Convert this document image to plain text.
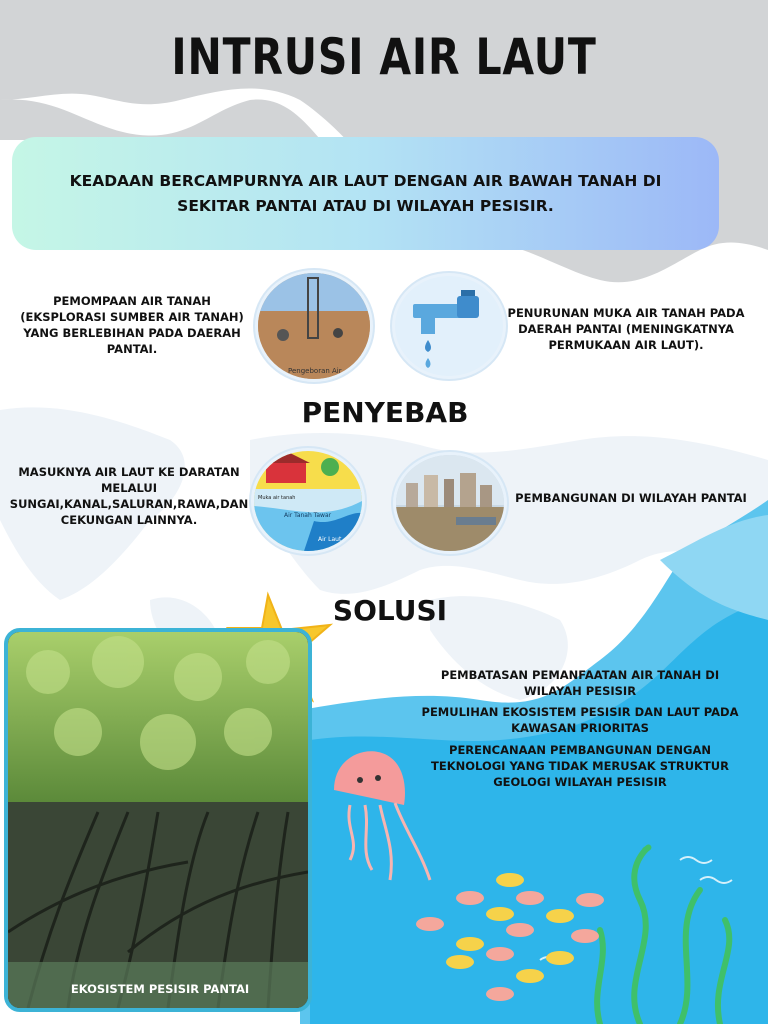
INTRUSI AIR LAUT
KEADAAN BERCAMPURNYA AIR LAUT DENGAN AIR BAWAH TANAH DI SEKITAR PANTAI ATAU DI WILAYAH PESISIR.
PEMOMPAAN AIR TANAH (EKSPLORASI SUMBER AIR TANAH) YANG BERLEBIHAN PADA DAERAH PANTAI.
Pengeboran Air
PENURUNAN MUKA AIR TANAH PADA DAERAH PANTAI (MENINGKATNYA PERMUKAAN AIR LAUT).
PENYEBAB
MASUKNYA AIR LAUT KE DARATAN MELALUI SUNGAI,KANAL,SALURAN,RAWA,DAN CEKUNGAN LAINNYA.
Muka air tanah
Air Tanah Tawar
Air Laut
PEMBANGUNAN DI WILAYAH PANTAI
SOLUSI
PEMBATASAN PEMANFAATAN AIR TANAH DI WILAYAH PESISIR
PEMULIHAN EKOSISTEM PESISIR DAN LAUT PADA KAWASAN PRIORITAS
PERENCANAAN PEMBANGUNAN DENGAN TEKNOLOGI YANG TIDAK MERUSAK STRUKTUR GEOLOGI WILAYAH PESISIR
EKOSISTEM PESISIR PANTAI
